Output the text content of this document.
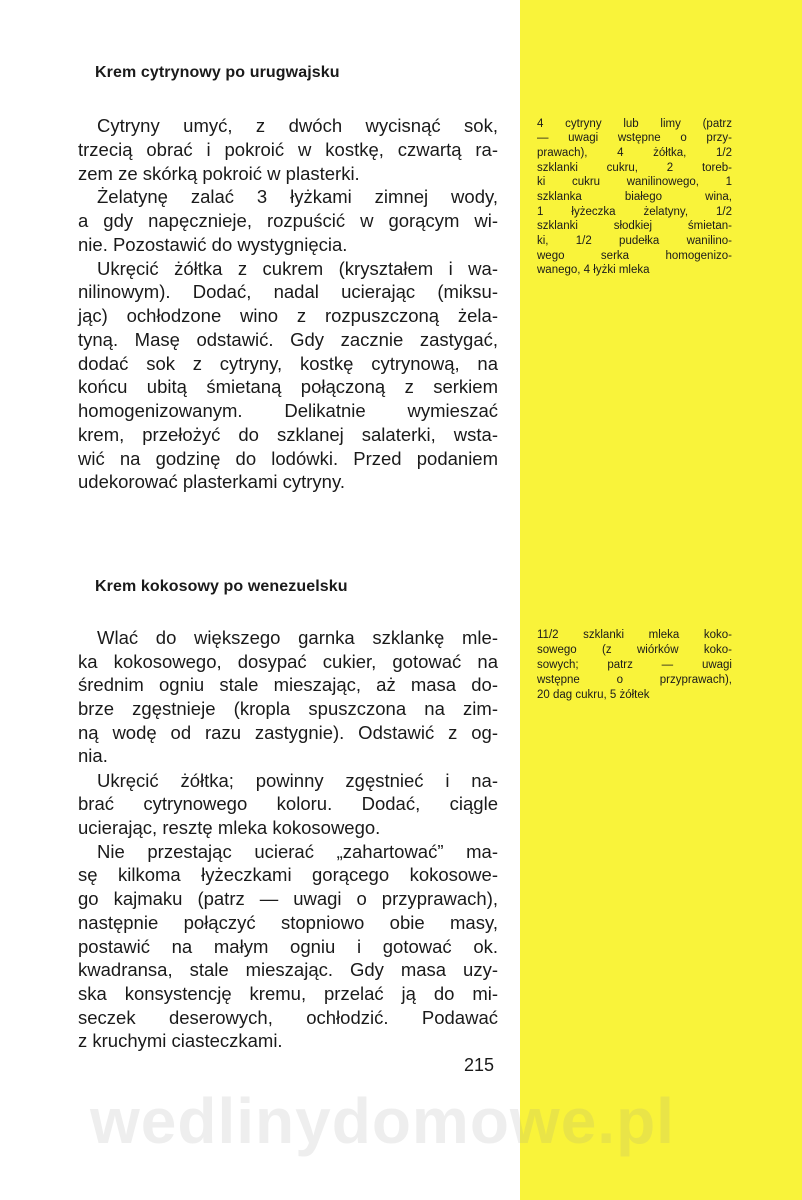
Krem cytrynowy po urugwajsku
Cytryny umyć, z dwóch wycisnąć sok,
trzecią obrać i pokroić w kostkę, czwartą ra-
zem ze skórką pokroić w plasterki.
Żelatynę zalać 3 łyżkami zimnej wody,
a gdy napęcznieje, rozpuścić w gorącym wi-
nie. Pozostawić do wystygnięcia.
Ukręcić żółtka z cukrem (kryształem i wa-
nilinowym). Dodać, nadal ucierając (miksu-
jąc) ochłodzone wino z rozpuszczoną żela-
tyną. Masę odstawić. Gdy zacznie zastygać,
dodać sok z cytryny, kostkę cytrynową, na
końcu ubitą śmietaną połączoną z serkiem
homogenizowanym. Delikatnie wymieszać
krem, przełożyć do szklanej salaterki, wsta-
wić na godzinę do lodówki. Przed podaniem
udekorować plasterkami cytryny.
4 cytryny lub limy (patrz
— uwagi wstępne o przy-
prawach), 4 żółtka, 1/2
szklanki cukru, 2 toreb-
ki cukru wanilinowego, 1
szklanka białego wina,
1 łyżeczka żelatyny, 1/2
szklanki słodkiej śmietan-
ki, 1/2 pudełka wanilino-
wego serka homogenizo-
wanego, 4 łyżki mleka
Krem kokosowy po wenezuelsku
Wlać do większego garnka szklankę mle-
ka kokosowego, dosypać cukier, gotować na
średnim ogniu stale mieszając, aż masa do-
brze zgęstnieje (kropla spuszczona na zim-
ną wodę od razu zastygnie). Odstawić z og-
nia.
Ukręcić żółtka; powinny zgęstnieć i na-
brać cytrynowego koloru. Dodać, ciągle
ucierając, resztę mleka kokosowego.
Nie przestając ucierać „zahartować” ma-
sę kilkoma łyżeczkami gorącego kokosowe-
go kajmaku (patrz — uwagi o przyprawach),
następnie połączyć stopniowo obie masy,
postawić na małym ogniu i gotować ok.
kwadransa, stale mieszając. Gdy masa uzy-
ska konsystencję kremu, przelać ją do mi-
seczek deserowych, ochłodzić. Podawać
z kruchymi ciasteczkami.
11/2 szklanki mleka koko-
sowego (z wiórków koko-
sowych; patrz — uwagi
wstępne o przyprawach),
20 dag cukru, 5 żółtek
215
wedlinydomowe.pl
